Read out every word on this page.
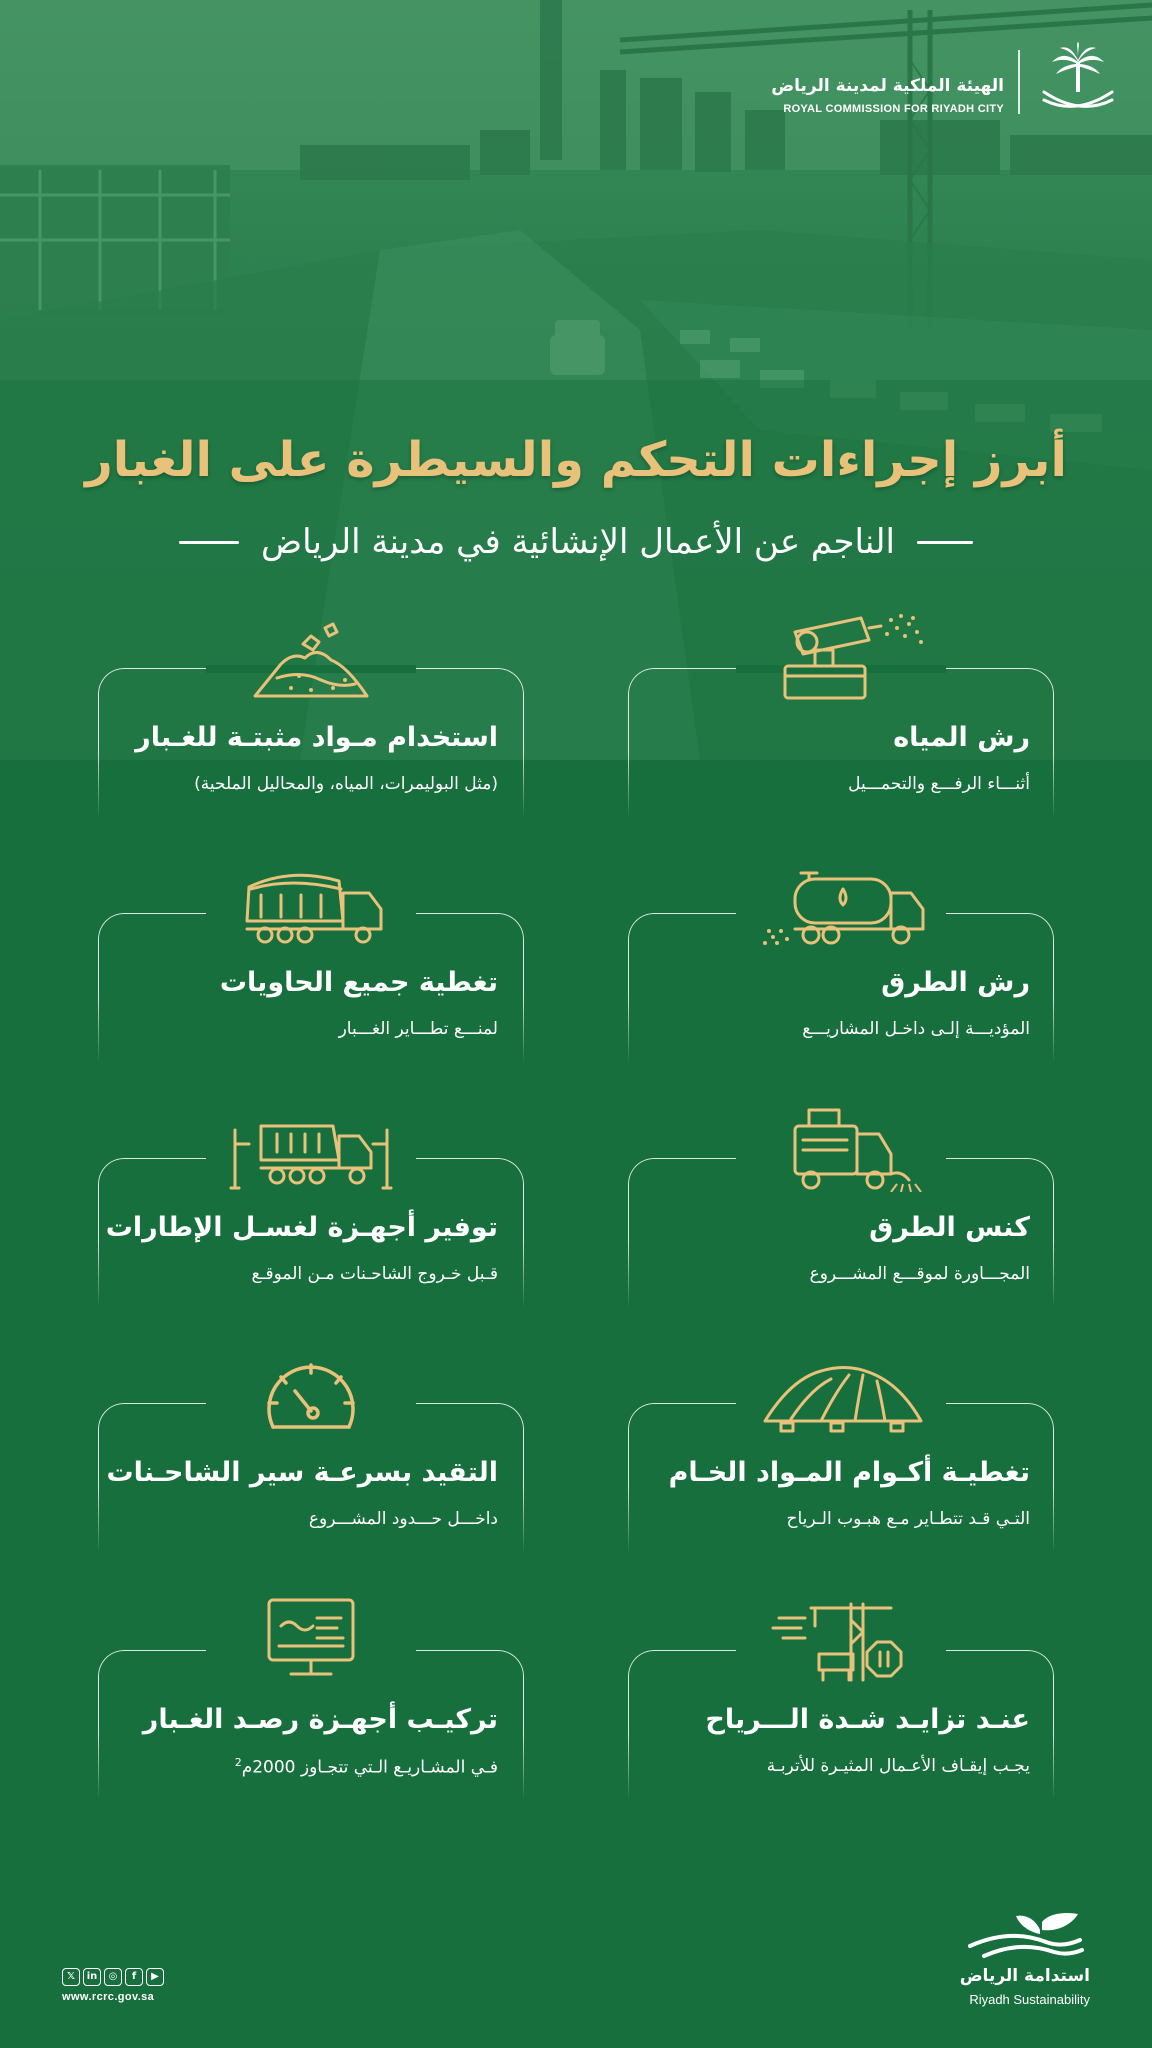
الهيئة الملكية لمدينة الرياض
ROYAL COMMISSION FOR RIYADH CITY
أبرز إجراءات التحكم والسيطرة على الغبار
الناجم عن الأعمال الإنشائية في مدينة الرياض
رش المياه
أثنـــاء الرفـــع والتحمـــيل
استخدام مـواد مثبتـة للغـبار
(مثل البوليمرات، المياه، والمحاليل الملحية)
رش الطرق
المؤديـــة إلـى داخـل المشاريـــع
تغطية جميع الحاويات
لمنـــع تطـــاير الغـــبار
كنس الطرق
المجـــاورة لموقـــع المشـــروع
توفير أجهـزة لغسـل الإطارات
قـبل خـروج الشاحـنات مـن الموقـع
تغطيـة أكـوام المـواد الخـام
التـي قـد تتطـاير مـع هبـوب الـرياح
التقيد بسرعـة سير الشاحـنات
داخـــل حـــدود المشـــروع
عنـد تزايـد شـدة الـــرياح
يجـب إيقـاف الأعـمال المثيـرة للأتربـة
تركيـب أجهـزة رصـد الغـبار
فـي المشـاريـع الـتي تتجـاوز 2000م$^2$
𝕏	in	◎	f	▶
www.rcrc.gov.sa
استدامة الرياض
Riyadh Sustainability
